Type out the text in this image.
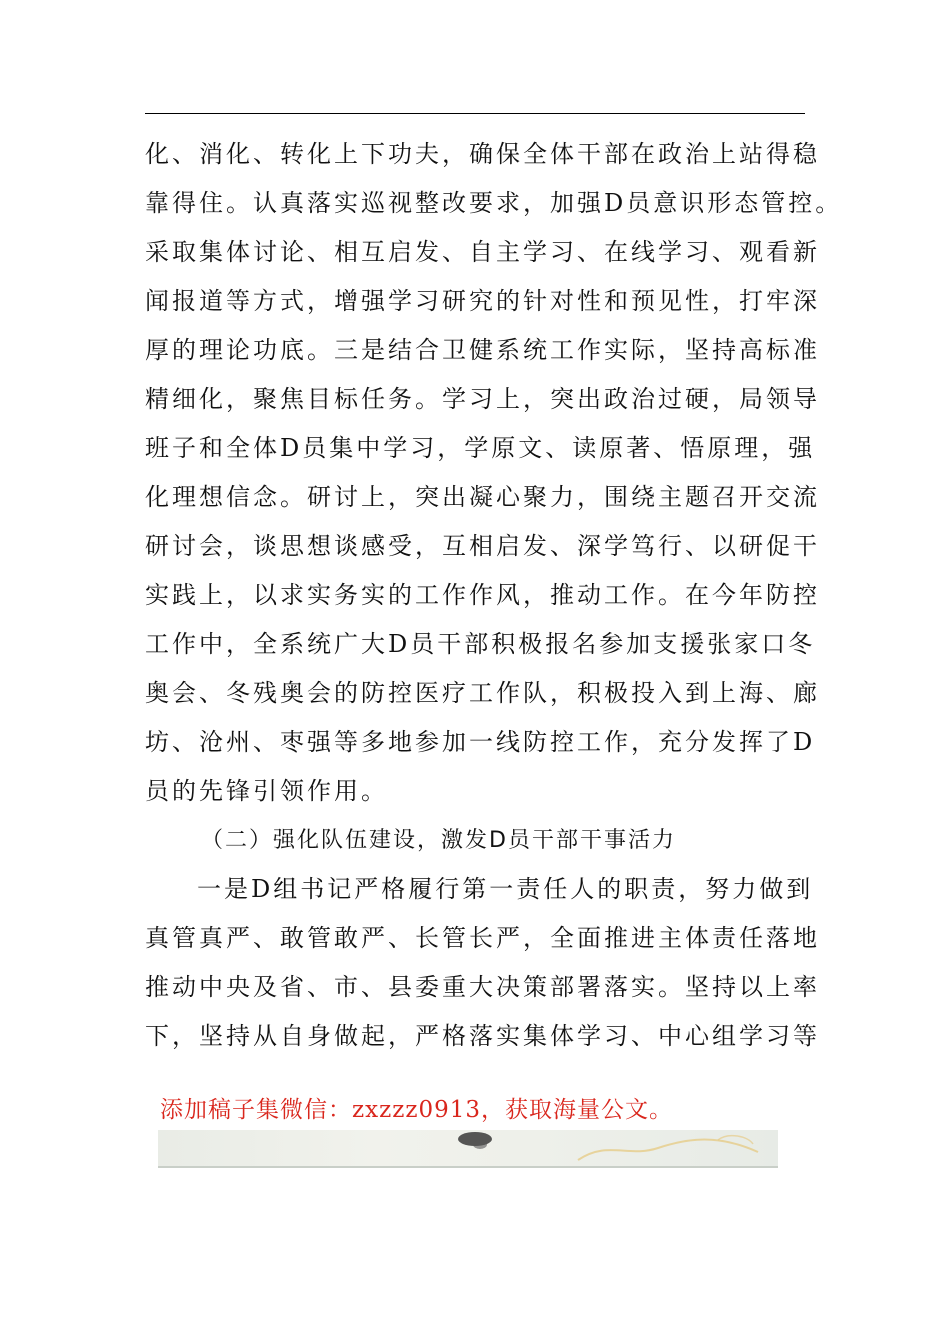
化、消化、转化上下功夫，确保全体干部在政治上站得稳
靠得住。认真落实巡视整改要求，加强D员意识形态管控。
采取集体讨论、相互启发、自主学习、在线学习、观看新
闻报道等方式，增强学习研究的针对性和预见性，打牢深
厚的理论功底。三是结合卫健系统工作实际，坚持高标准
精细化，聚焦目标任务。学习上，突出政治过硬，局领导
班子和全体D员集中学习，学原文、读原著、悟原理，强
化理想信念。研讨上，突出凝心聚力，围绕主题召开交流
研讨会，谈思想谈感受，互相启发、深学笃行、以研促干
实践上，以求实务实的工作作风，推动工作。在今年防控
工作中，全系统广大D员干部积极报名参加支援张家口冬
奥会、冬残奥会的防控医疗工作队，积极投入到上海、廊
坊、沧州、枣强等多地参加一线防控工作，充分发挥了D
员的先锋引领作用。
（二）强化队伍建设，激发D员干部干事活力
一是D组书记严格履行第一责任人的职责，努力做到
真管真严、敢管敢严、长管长严，全面推进主体责任落地
推动中央及省、市、县委重大决策部署落实。坚持以上率
下，坚持从自身做起，严格落实集体学习、中心组学习等
添加稿子集微信：zxzzz0913，获取海量公文。
